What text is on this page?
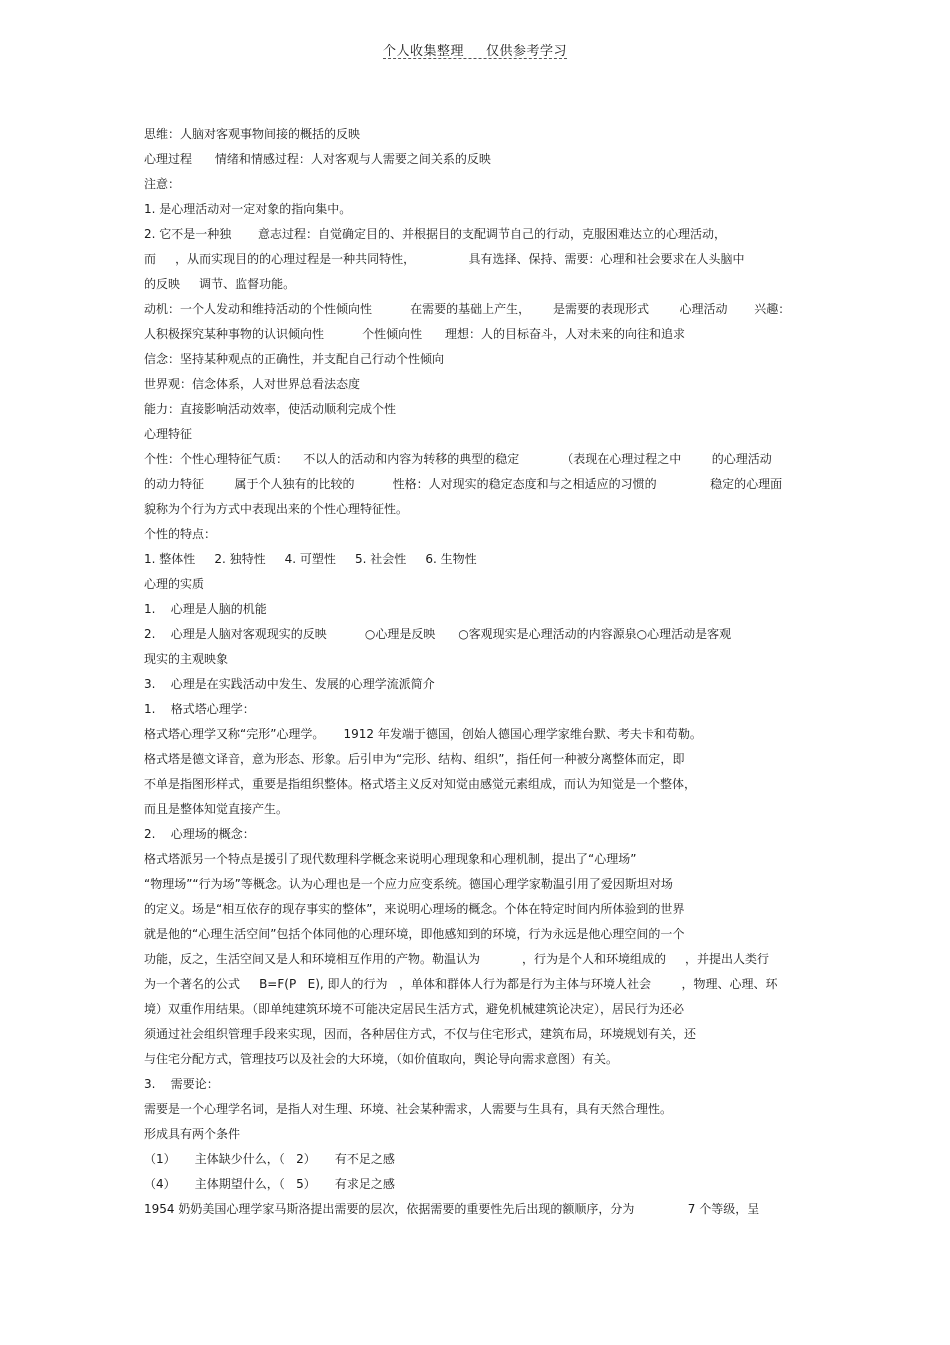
个人收集整理 仅供参考学习
思维：人脑对客观事物间接的概括的反映
心理过程      情绪和情感过程：人对客观与人需要之间关系的反映
注意：
1. 是心理活动对一定对象的指向集中。
2. 它不是一种独       意志过程：自觉确定目的、并根据目的支配调节自己的行动，克服困难达立的心理活动，
而     ，从而实现目的的心理过程是一种共同特性，              具有选择、保持、需要：心理和社会要求在人头脑中
的反映     调节、监督功能。
动机：一个人发动和维持活动的个性倾向性          在需要的基础上产生，      是需要的表现形式        心理活动       兴趣：
人积极探究某种事物的认识倾向性          个性倾向性      理想：人的目标奋斗，人对未来的向往和追求
信念：坚持某种观点的正确性，并支配自己行动个性倾向
世界观：信念体系，人对世界总看法态度
能力：直接影响活动效率，使活动顺利完成个性
心理特征
个性：个性心理特征气质：    不以人的活动和内容为转移的典型的稳定           （表现在心理过程之中        的心理活动
的动力特征        属于个人独有的比较的          性格：人对现实的稳定态度和与之相适应的习惯的              稳定的心理面
貌称为个行为方式中表现出来的个性心理特征性。
个性的特点：
1. 整体性     2. 独特性     4. 可塑性     5. 社会性     6. 生物性
心理的实质
1.    心理是人脑的机能
2.    心理是人脑对客观现实的反映          ○心理是反映      ○客观现实是心理活动的内容源泉○心理活动是客观
现实的主观映象
3.    心理是在实践活动中发生、发展的心理学流派简介
1.    格式塔心理学：
格式塔心理学又称“完形”心理学。     1912 年发端于德国，创始人德国心理学家维台默、考夫卡和苟勒。
格式塔是德文译音，意为形态、形象。后引申为“完形、结构、组织”，指任何一种被分离整体而定，即
不单是指图形样式，重要是指组织整体。格式塔主义反对知觉由感觉元素组成，而认为知觉是一个整体，
而且是整体知觉直接产生。
2.    心理场的概念：
格式塔派另一个特点是援引了现代数理科学概念来说明心理现象和心理机制，提出了“心理场”
“物理场”“行为场”等概念。认为心理也是一个应力应变系统。德国心理学家勒温引用了爱因斯坦对场
的定义。场是“相互依存的现存事实的整体”，来说明心理场的概念。个体在特定时间内所体验到的世界
就是他的“心理生活空间”包括个体同他的心理环境，即他感知到的环境，行为永远是他心理空间的一个
功能，反之，生活空间又是人和环境相互作用的产物。勒温认为           ，行为是个人和环境组成的     ，并提出人类行
为一个著名的公式     B=F(P   E), 即人的行为   ，单体和群体人行为都是行为主体与环境人社会        ，物理、心理、环
境）双重作用结果。（即单纯建筑环境不可能决定居民生活方式，避免机械建筑论决定），居民行为还必
须通过社会组织管理手段来实现，因而，各种居住方式，不仅与住宅形式，建筑布局，环境规划有关，还
与住宅分配方式，管理技巧以及社会的大环境，（如价值取向，舆论导向需求意图）有关。
3.    需要论：
需要是一个心理学名词，是指人对生理、环境、社会某种需求，人需要与生具有，具有天然合理性。
形成具有两个条件
（1）     主体缺少什么，（   2）     有不足之感
（4）     主体期望什么，（   5）     有求足之感
1954 奶奶美国心理学家马斯洛提出需要的层次，依据需要的重要性先后出现的额顺序，分为              7 个等级，呈
